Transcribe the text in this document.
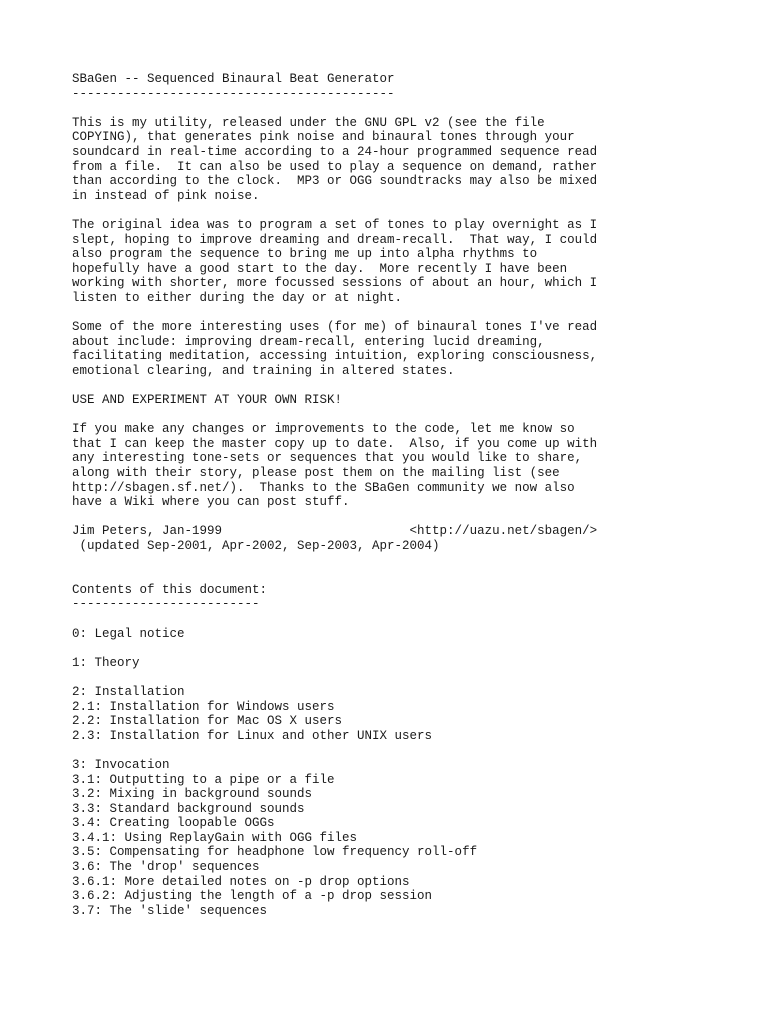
SBaGen -- Sequenced Binaural Beat Generator
-------------------------------------------
This is my utility, released under the GNU GPL v2 (see the file
COPYING), that generates pink noise and binaural tones through your
soundcard in real-time according to a 24-hour programmed sequence read
from a file.  It can also be used to play a sequence on demand, rather
than according to the clock.  MP3 or OGG soundtracks may also be mixed
in instead of pink noise.
The original idea was to program a set of tones to play overnight as I
slept, hoping to improve dreaming and dream-recall.  That way, I could
also program the sequence to bring me up into alpha rhythms to
hopefully have a good start to the day.  More recently I have been
working with shorter, more focussed sessions of about an hour, which I
listen to either during the day or at night.
Some of the more interesting uses (for me) of binaural tones I've read
about include: improving dream-recall, entering lucid dreaming,
facilitating meditation, accessing intuition, exploring consciousness,
emotional clearing, and training in altered states.
USE AND EXPERIMENT AT YOUR OWN RISK!
If you make any changes or improvements to the code, let me know so
that I can keep the master copy up to date.  Also, if you come up with
any interesting tone-sets or sequences that you would like to share,
along with their story, please post them on the mailing list (see
http://sbagen.sf.net/).  Thanks to the SBaGen community we now also
have a Wiki where you can post stuff.
Jim Peters, Jan-1999                         <http://uazu.net/sbagen/>
(updated Sep-2001, Apr-2002, Sep-2003, Apr-2004)
Contents of this document:
-------------------------
0: Legal notice
1: Theory
2: Installation
2.1: Installation for Windows users
2.2: Installation for Mac OS X users
2.3: Installation for Linux and other UNIX users
3: Invocation
3.1: Outputting to a pipe or a file
3.2: Mixing in background sounds
3.3: Standard background sounds
3.4: Creating loopable OGGs
3.4.1: Using ReplayGain with OGG files
3.5: Compensating for headphone low frequency roll-off
3.6: The 'drop' sequences
3.6.1: More detailed notes on -p drop options
3.6.2: Adjusting the length of a -p drop session
3.7: The 'slide' sequences
